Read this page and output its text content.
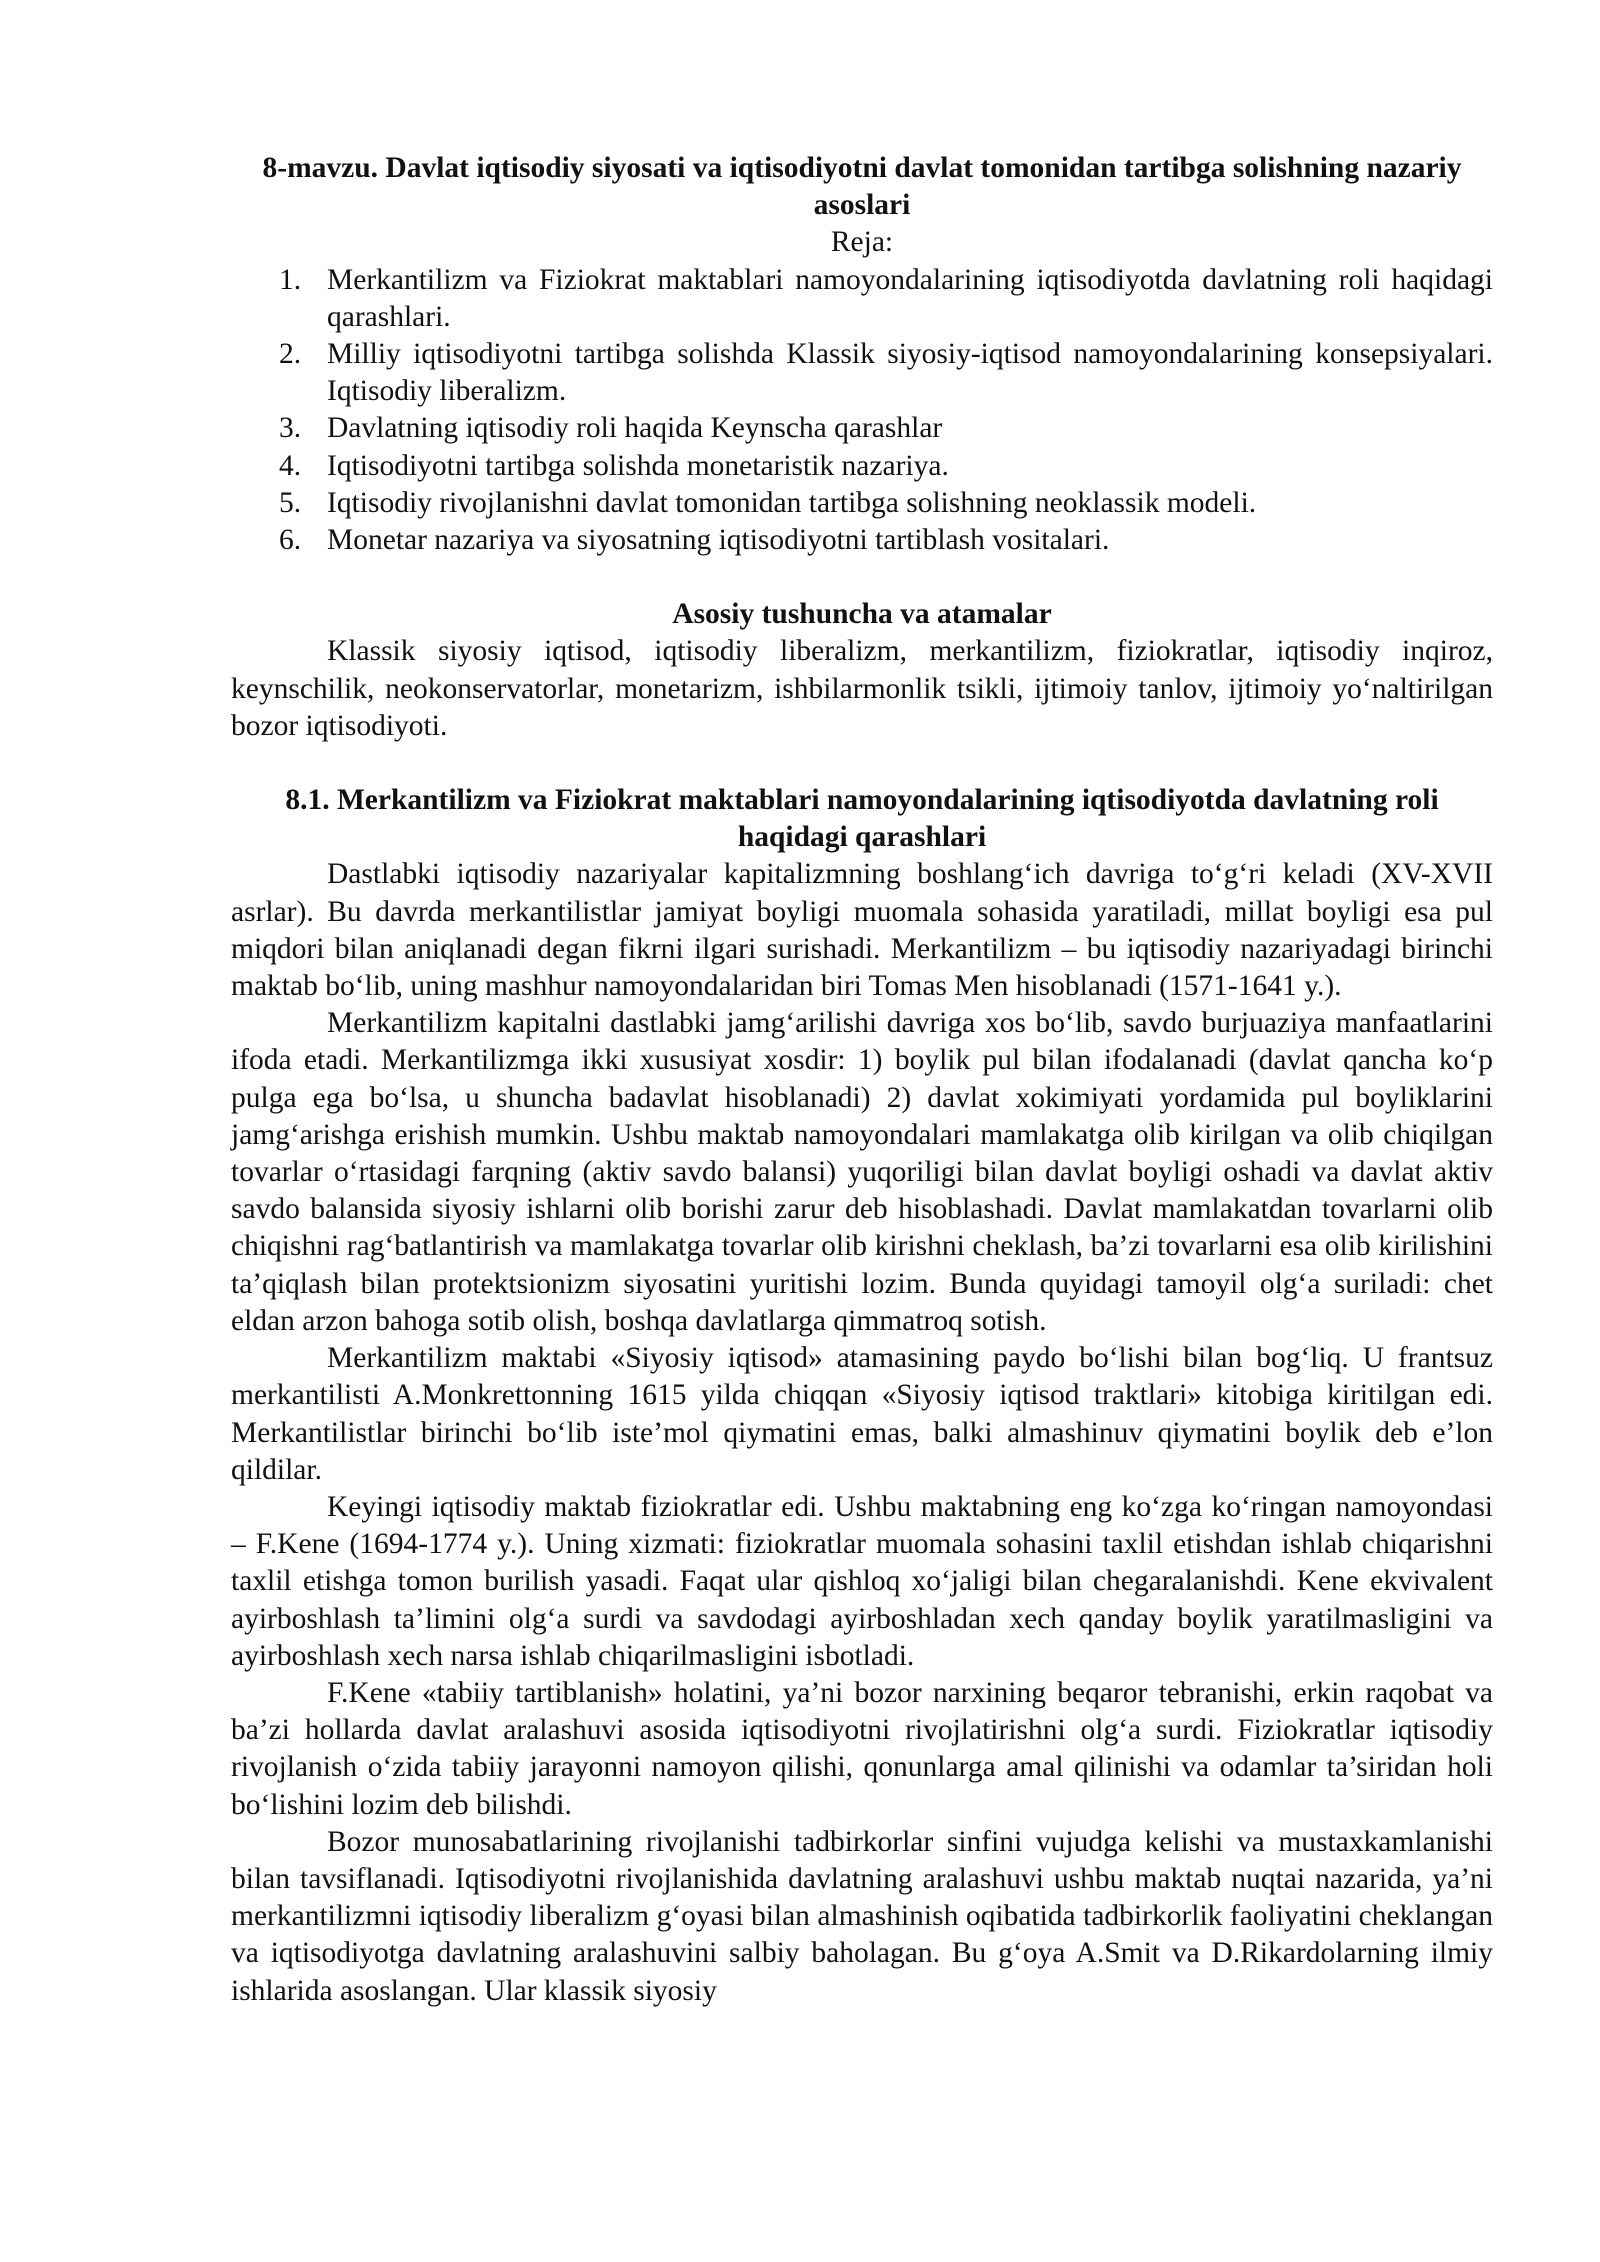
8-mavzu. Davlat iqtisodiy siyosati va iqtisodiyotni davlat tomonidan tartibga solishning nazariy asoslari
Reja:
1. Merkantilizm va Fiziokrat maktablari namoyondalarining iqtisodiyotda davlatning roli haqidagi qarashlari.
2. Milliy iqtisodiyotni tartibga solishda Klassik siyosiy-iqtisod namoyondalarining konsepsiyalari. Iqtisodiy liberalizm.
3. Davlatning iqtisodiy roli haqida Keynscha qarashlar
4. Iqtisodiyotni tartibga solishda monetaristik nazariya.
5. Iqtisodiy rivojlanishni davlat tomonidan tartibga solishning neoklassik modeli.
6. Monetar nazariya va siyosatning iqtisodiyotni tartiblash vositalari.
Asosiy tushuncha va atamalar

Klassik siyosiy iqtisod, iqtisodiy liberalizm, merkantilizm, fiziokratlar, iqtisodiy inqiroz, keynschilik, neokonservatorlar, monetarizm, ishbilarmonlik tsikli, ijtimoiy tanlov, ijtimoiy yo‘naltirilgan bozor iqtisodiyoti.

8.1. Merkantilizm va Fiziokrat maktablari namoyondalarining iqtisodiyotda davlatning roli haqidagi qarashlari

Dastlabki iqtisodiy nazariyalar kapitalizmning boshlang‘ich davriga to‘g‘ri keladi (XV-XVII asrlar). Bu davrda merkantilistlar jamiyat boyligi muomala sohasida yaratiladi, millat boyligi esa pul miqdori bilan aniqlanadi degan fikrni ilgari surishadi. Merkantilizm – bu iqtisodiy nazariyadagi birinchi maktab bo‘lib, uning mashhur namoyondalaridan biri Tomas Men hisoblanadi (1571-1641 y.).

Merkantilizm kapitalni dastlabki jamg‘arilishi davriga xos bo‘lib, savdo burjuaziya manfaatlarini ifoda etadi. Merkantilizmga ikki xususiyat xosdir: 1) boylik pul bilan ifodalanadi (davlat qancha ko‘p pulga ega bo‘lsa, u shuncha badavlat hisoblanadi) 2) davlat xokimiyati yordamida pul boyliklarini jamg‘arishga erishish mumkin. Ushbu maktab namoyondalari mamlakatga olib kirilgan va olib chiqilgan tovarlar o‘rtasidagi farqning (aktiv savdo balansi) yuqoriligi bilan davlat boyligi oshadi va davlat aktiv savdo balansida siyosiy ishlarni olib borishi zarur deb hisoblashadi. Davlat mamlakatdan tovarlarni olib chiqishni rag‘batlantirish va mamlakatga tovarlar olib kirishni cheklash, ba’zi tovarlarni esa olib kirilishini ta’qiqlash bilan protektsionizm siyosatini yuritishi lozim. Bunda quyidagi tamoyil olg‘a suriladi: chet eldan arzon bahoga sotib olish, boshqa davlatlarga qimmatroq sotish.

Merkantilizm maktabi «Siyosiy iqtisod» atamasining paydo bo‘lishi bilan bog‘liq. U frantsuz merkantilisti A.Monkrettonning 1615 yilda chiqqan «Siyosiy iqtisod traktlari» kitobiga kiritilgan edi. Merkantilistlar birinchi bo‘lib iste’mol qiymatini emas, balki almashinuv qiymatini boylik deb e’lon qildilar.

Keyingi iqtisodiy maktab fiziokratlar edi. Ushbu maktabning eng ko‘zga ko‘ringan namoyondasi – F.Kene (1694-1774 y.). Uning xizmati: fiziokratlar muomala sohasini taxlil etishdan ishlab chiqarishni taxlil etishga tomon burilish yasadi. Faqat ular qishloq xo‘jaligi bilan chegaralanishdi. Kene ekvivalent ayirboshlash ta’limini olg‘a surdi va savdodagi ayirboshladan xech qanday boylik yaratilmasligini va ayirboshlash xech narsa ishlab chiqarilmasligini isbotladi.

F.Kene «tabiiy tartiblanish» holatini, ya’ni bozor narxining beqaror tebranishi, erkin raqobat va ba’zi hollarda davlat aralashuvi asosida iqtisodiyotni rivojlatirishni olg‘a surdi. Fiziokratlar iqtisodiy rivojlanish o‘zida tabiiy jarayonni namoyon qilishi, qonunlarga amal qilinishi va odamlar ta’siridan holi bo‘lishini lozim deb bilishdi.

Bozor munosabatlarining rivojlanishi tadbirkorlar sinfini vujudga kelishi va mustaxkamlanishi bilan tavsiflanadi. Iqtisodiyotni rivojlanishida davlatning aralashuvi ushbu maktab nuqtai nazarida, ya’ni merkantilizmni iqtisodiy liberalizm g‘oyasi bilan almashinish oqibatida tadbirkorlik faoliyatini cheklangan va iqtisodiyotga davlatning aralashuvini salbiy baholagan. Bu g‘oya A.Smit va D.Rikardolarning ilmiy ishlarida asoslangan. Ular klassik siyosiy
